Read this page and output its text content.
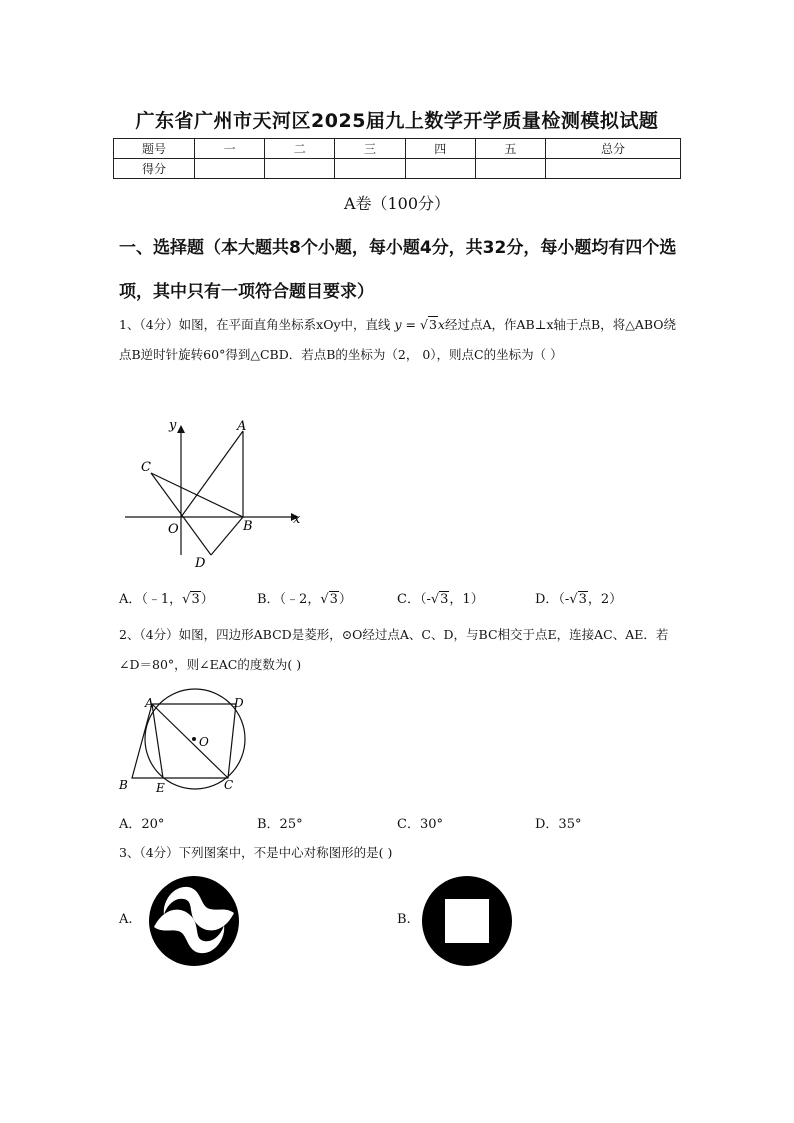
广东省广州市天河区2025届九上数学开学质量检测模拟试题
题号	一	二	三	四	五	总分
得分						
A卷（100分）
一、选择题（本大题共8个小题，每小题4分，共32分，每小题均有四个选项，其中只有一项符合题目要求）
1、（4分）如图，在平面直角坐标系xOy中，直线 y = √3x经过点A，作AB⊥x轴于点B，将△ABO绕点B逆时针旋转60°得到△CBD．若点B的坐标为（2， 0），则点C的坐标为（ ）
y
x
A
C
O	B
D
A．（﹣1，√3）	B．（﹣2，√3）	C．（-√3，1）	D．（-√3，2）
2、（4分）如图，四边形ABCD是菱形，⊙O经过点A、C、D，与BC相交于点E，连接AC、AE．若∠D＝80°，则∠EAC的度数为( )
A	D
O
B E	C
A．20°	B．25°	C．30°	D．35°
3、（4分）下列图案中，不是中心对称图形的是( )
A.	B.
